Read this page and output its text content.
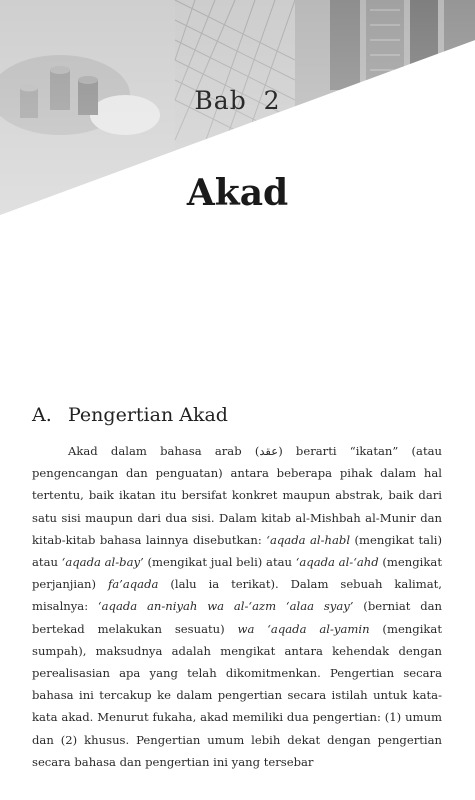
Bab 2
Akad
A. Pengertian Akad

Akad dalam bahasa arab (عقد) berarti “ikatan” (atau pengencangan dan penguatan) antara beberapa pihak dalam hal tertentu, baik ikatan itu bersifat konkret maupun abstrak, baik dari satu sisi maupun dari dua sisi. Dalam kitab al-Mishbah al-Munir dan kitab-kitab bahasa lainnya disebutkan: ‘aqada al-habl (mengikat tali) atau ‘aqada al-bay’ (mengikat jual beli) atau ‘aqada al-‘ahd (mengikat perjanjian) fa’aqada (lalu ia terikat). Dalam sebuah kalimat, misalnya: ‘aqada an-niyah wa al-‘azm ‘alaa syay’ (berniat dan bertekad melakukan sesuatu) wa ‘aqada al-yamin (mengikat sumpah), maksudnya adalah mengikat antara kehendak dengan perealisasian apa yang telah dikomitmenkan. Pengertian secara bahasa ini tercakup ke dalam pengertian secara istilah untuk kata-kata akad. Menurut fukaha, akad memiliki dua pengertian: (1) umum dan (2) khusus. Pengertian umum lebih dekat dengan pengertian secara bahasa dan pengertian ini yang tersebar
